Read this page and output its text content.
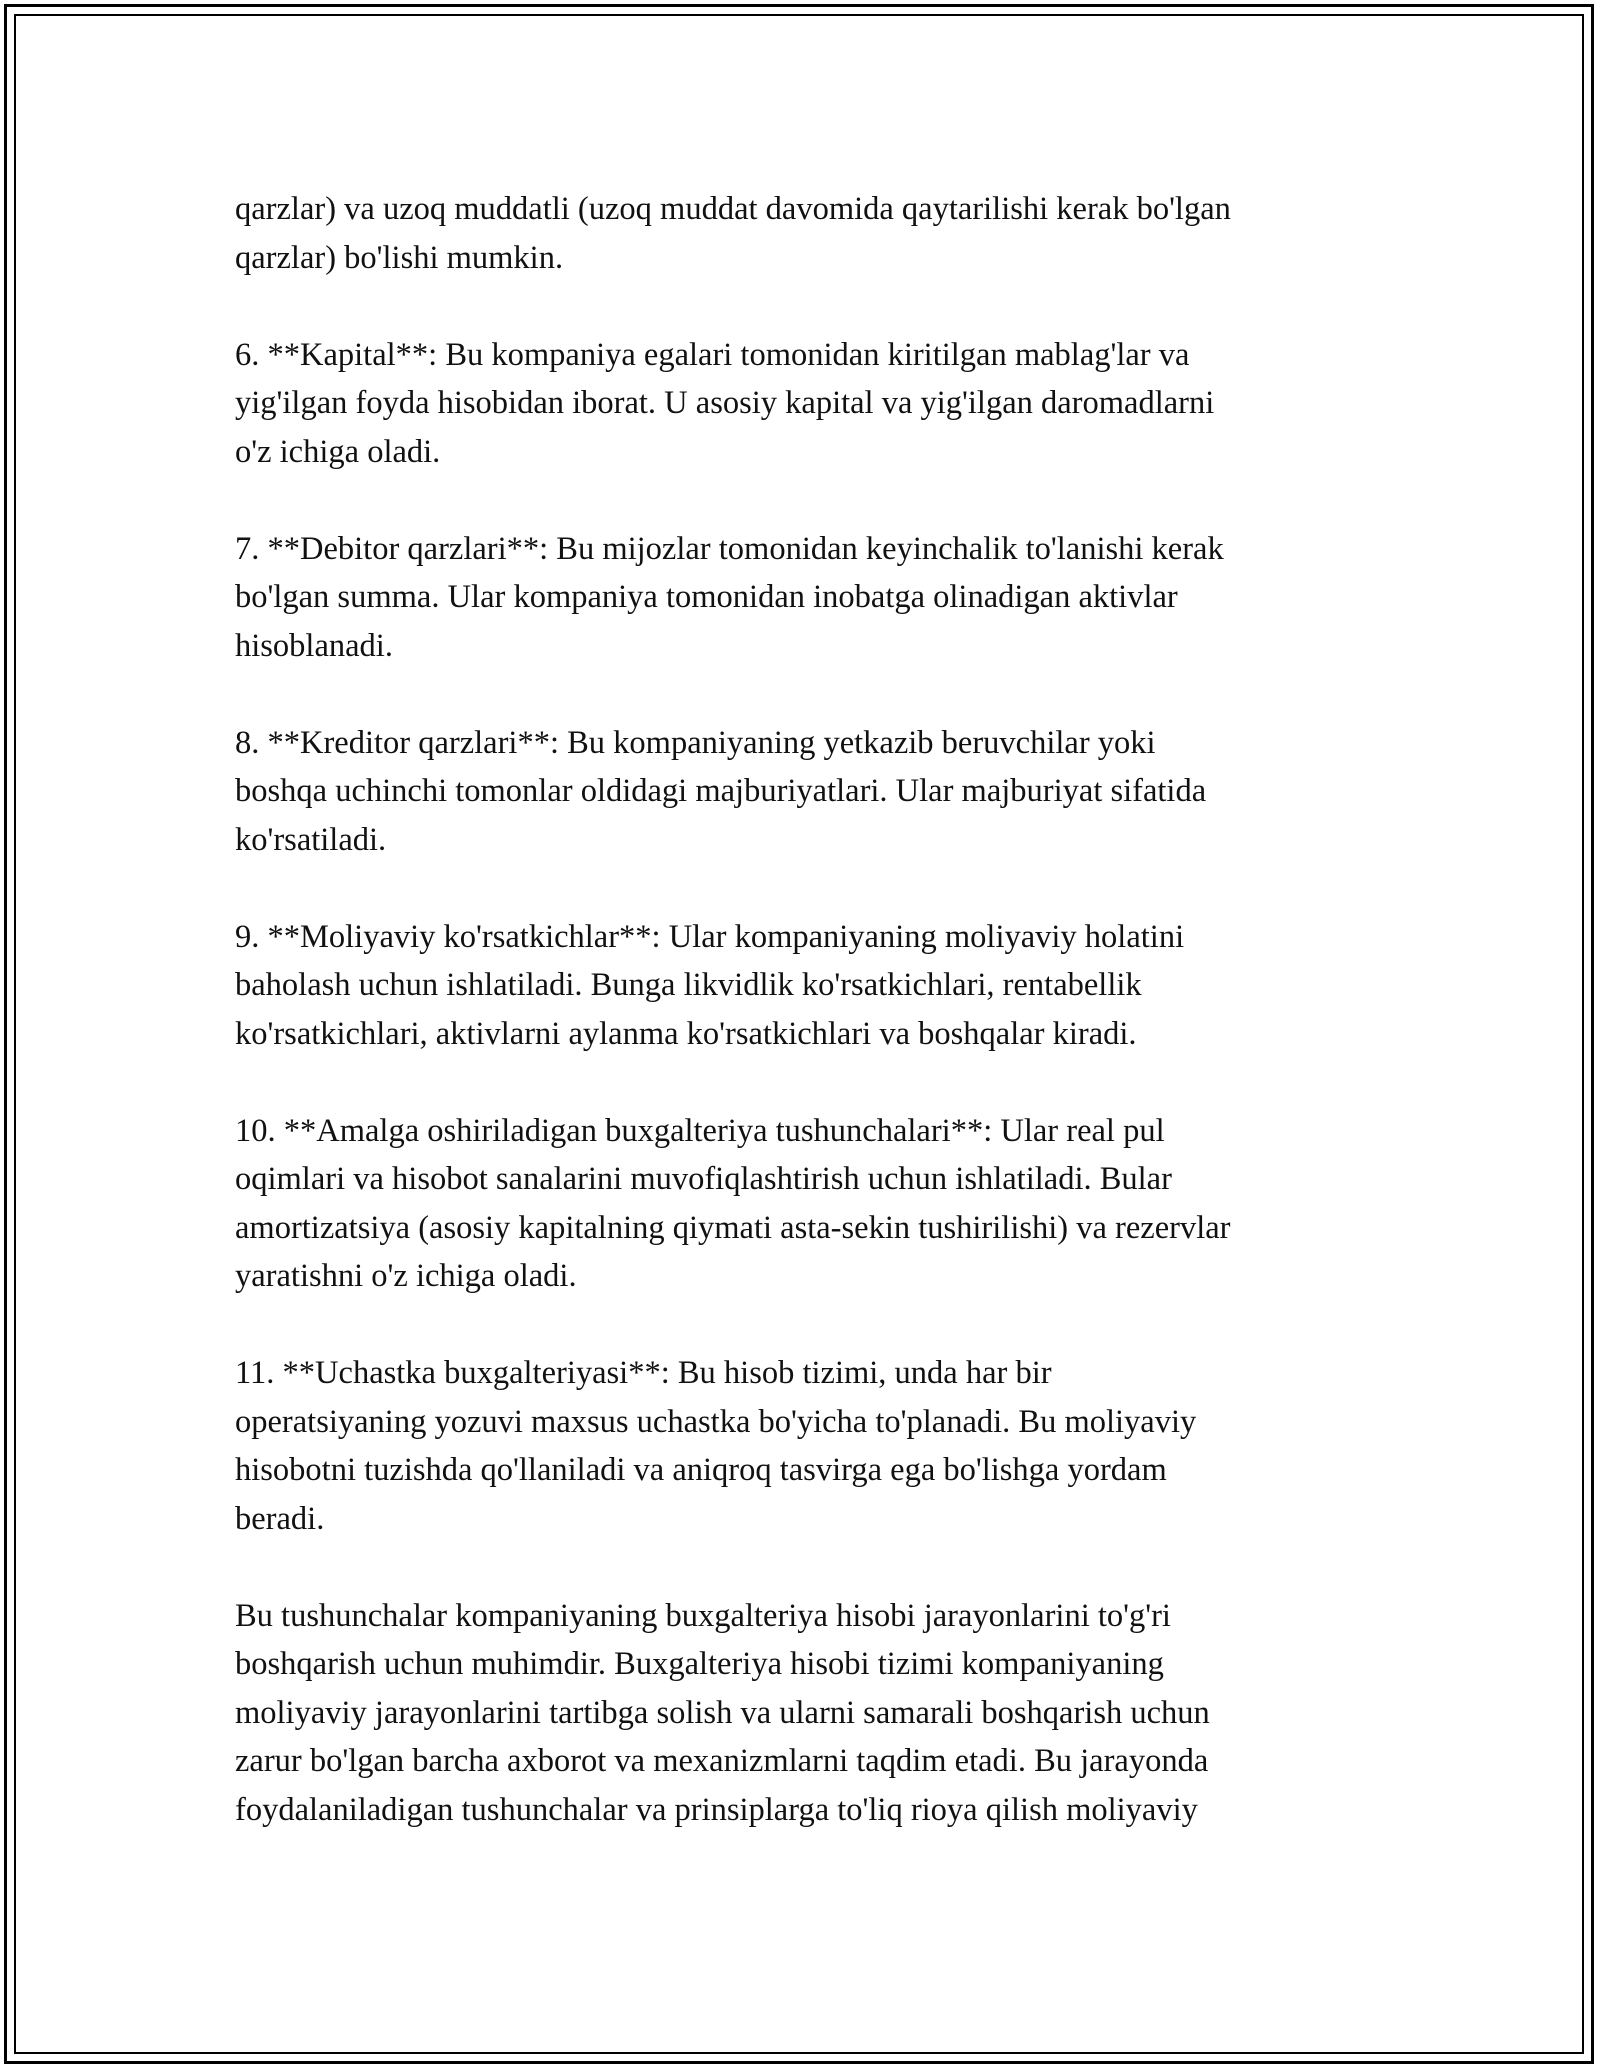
qarzlar) va uzoq muddatli (uzoq muddat davomida qaytarilishi kerak bo'lgan
qarzlar) bo'lishi mumkin.

6. **Kapital**: Bu kompaniya egalari tomonidan kiritilgan mablag'lar va
yig'ilgan foyda hisobidan iborat. U asosiy kapital va yig'ilgan daromadlarni
o'z ichiga oladi.

7. **Debitor qarzlari**: Bu mijozlar tomonidan keyinchalik to'lanishi kerak
bo'lgan summa. Ular kompaniya tomonidan inobatga olinadigan aktivlar
hisoblanadi.

8. **Kreditor qarzlari**: Bu kompaniyaning yetkazib beruvchilar yoki
boshqa uchinchi tomonlar oldidagi majburiyatlari. Ular majburiyat sifatida
ko'rsatiladi.

9. **Moliyaviy ko'rsatkichlar**: Ular kompaniyaning moliyaviy holatini
baholash uchun ishlatiladi. Bunga likvidlik ko'rsatkichlari, rentabellik
ko'rsatkichlari, aktivlarni aylanma ko'rsatkichlari va boshqalar kiradi.

10. **Amalga oshiriladigan buxgalteriya tushunchalari**: Ular real pul
oqimlari va hisobot sanalarini muvofiqlashtirish uchun ishlatiladi. Bular
amortizatsiya (asosiy kapitalning qiymati asta-sekin tushirilishi) va rezervlar
yaratishni o'z ichiga oladi.

11. **Uchastka buxgalteriyasi**: Bu hisob tizimi, unda har bir
operatsiyaning yozuvi maxsus uchastka bo'yicha to'planadi. Bu moliyaviy
hisobotni tuzishda qo'llaniladi va aniqroq tasvirga ega bo'lishga yordam
beradi.

Bu tushunchalar kompaniyaning buxgalteriya hisobi jarayonlarini to'g'ri
boshqarish uchun muhimdir. Buxgalteriya hisobi tizimi kompaniyaning
moliyaviy jarayonlarini tartibga solish va ularni samarali boshqarish uchun
zarur bo'lgan barcha axborot va mexanizmlarni taqdim etadi. Bu jarayonda
foydalaniladigan tushunchalar va prinsiplarga to'liq rioya qilish moliyaviy
